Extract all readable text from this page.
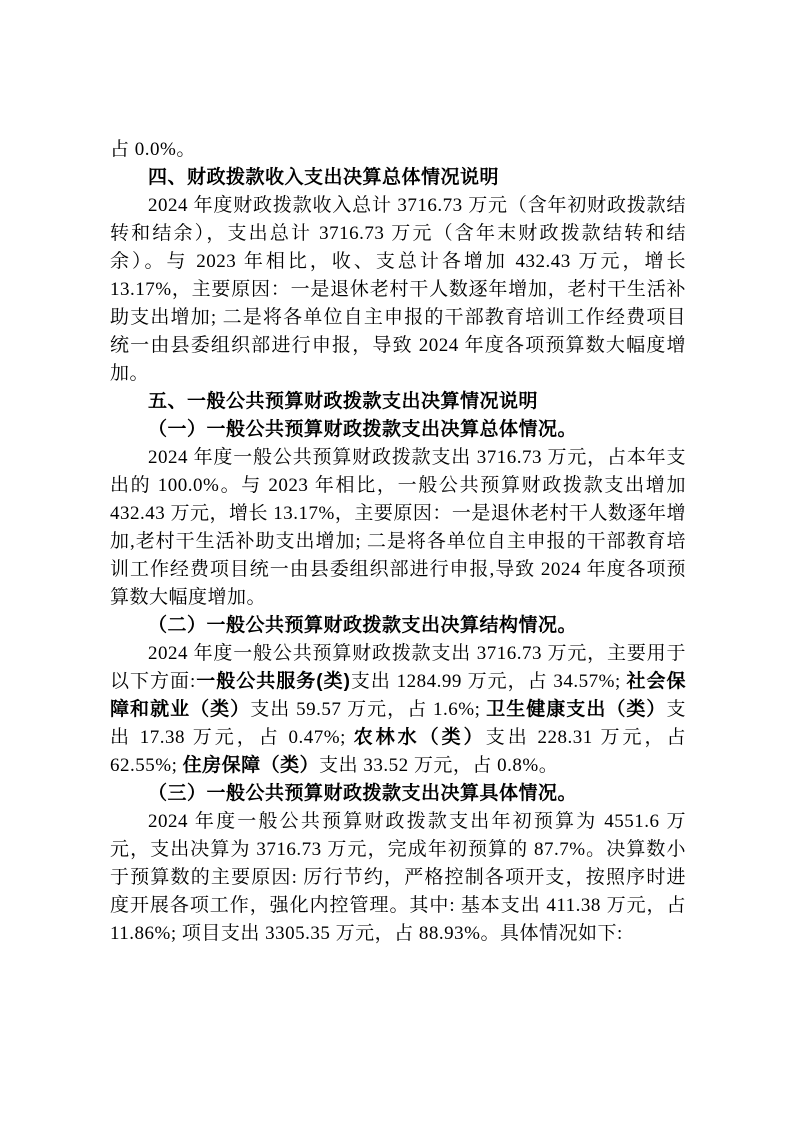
占 0.0%。

四、财政拨款收入支出决算总体情况说明

2024 年度财政拨款收入总计 3716.73 万元（含年初财政拨款结转和结余），支出总计 3716.73 万元（含年末财政拨款结转和结余）。与 2023 年相比，收、支总计各增加 432.43 万元，增长 13.17%，主要原因：一是退休老村干人数逐年增加，老村干生活补助支出增加; 二是将各单位自主申报的干部教育培训工作经费项目统一由县委组织部进行申报，导致 2024 年度各项预算数大幅度增加。

五、一般公共预算财政拨款支出决算情况说明

（一）一般公共预算财政拨款支出决算总体情况。

2024 年度一般公共预算财政拨款支出 3716.73 万元，占本年支出的 100.0%。与 2023 年相比，一般公共预算财政拨款支出增加 432.43 万元，增长 13.17%，主要原因：一是退休老村干人数逐年增加,老村干生活补助支出增加; 二是将各单位自主申报的干部教育培训工作经费项目统一由县委组织部进行申报,导致 2024 年度各项预算数大幅度增加。

（二）一般公共预算财政拨款支出决算结构情况。

2024 年度一般公共预算财政拨款支出 3716.73 万元，主要用于以下方面:一般公共服务(类)支出 1284.99 万元，占 34.57%; 社会保障和就业（类）支出 59.57 万元，占 1.6%; 卫生健康支出（类）支出 17.38 万元，占 0.47%; 农林水（类）支出 228.31 万元，占 62.55%; 住房保障（类）支出 33.52 万元，占 0.8%。

（三）一般公共预算财政拨款支出决算具体情况。

2024 年度一般公共预算财政拨款支出年初预算为 4551.6 万元，支出决算为 3716.73 万元，完成年初预算的 87.7%。决算数小于预算数的主要原因: 厉行节约，严格控制各项开支，按照序时进度开展各项工作，强化内控管理。其中: 基本支出 411.38 万元，占 11.86%; 项目支出 3305.35 万元，占 88.93%。具体情况如下:
